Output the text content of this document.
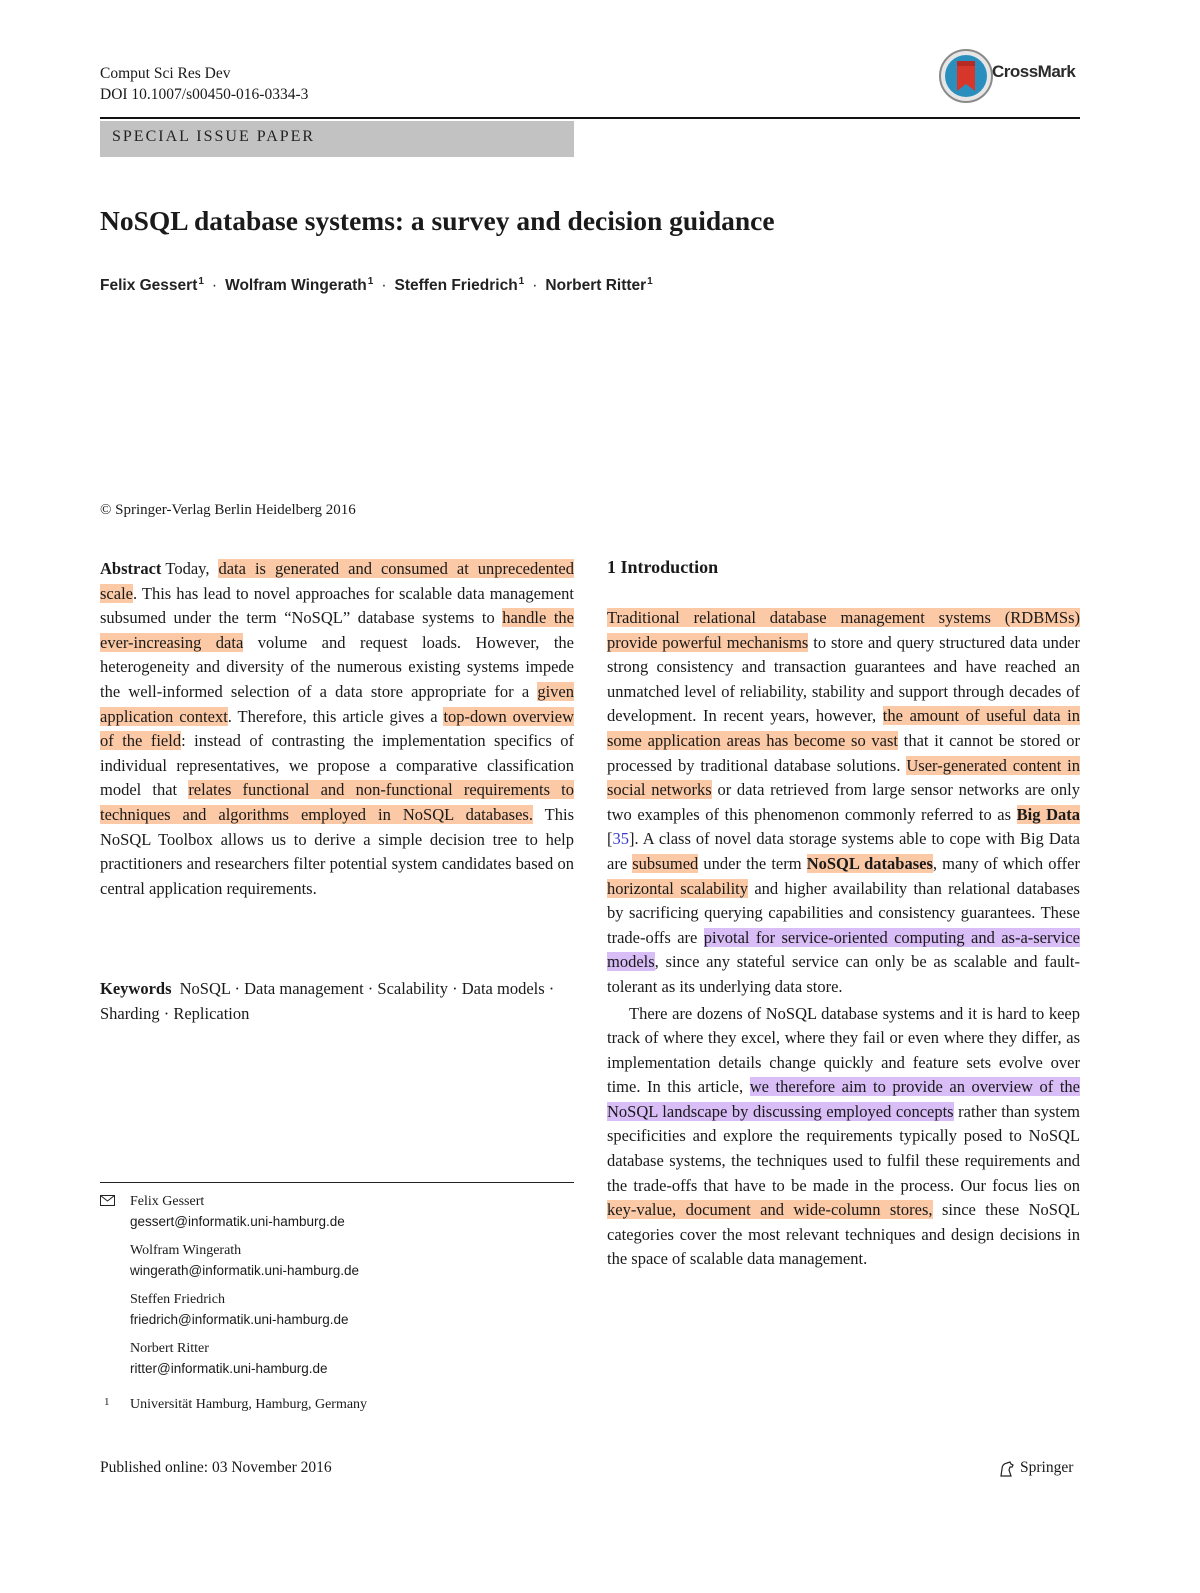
Comput Sci Res Dev
DOI 10.1007/s00450-016-0334-3
CrossMark
SPECIAL ISSUE PAPER
NoSQL database systems: a survey and decision guidance
Felix Gessert$^1$ · Wolfram Wingerath$^1$ · Steffen Friedrich$^1$ · Norbert Ritter$^1$
© Springer-Verlag Berlin Heidelberg 2016

Abstract Today, data is generated and consumed at unprecedented scale. This has lead to novel approaches for scalable data management subsumed under the term “NoSQL” database systems to handle the ever-increasing data volume and request loads. However, the heterogeneity and diversity of the numerous existing systems impede the well-informed selection of a data store appropriate for a given application context. Therefore, this article gives a top-down overview of the field: instead of contrasting the implementation specifics of individual representatives, we propose a comparative classification model that relates functional and non-functional requirements to techniques and algorithms employed in NoSQL databases. This NoSQL Toolbox allows us to derive a simple decision tree to help practitioners and researchers filter potential system candidates based on central application requirements.

Keywords NoSQL · Data management · Scalability · Data models · Sharding · Replication
1 Introduction

Traditional relational database management systems (RDBMSs) provide powerful mechanisms to store and query structured data under strong consistency and transaction guarantees and have reached an unmatched level of reliability, stability and support through decades of development. In recent years, however, the amount of useful data in some application areas has become so vast that it cannot be stored or processed by traditional database solutions. User-generated content in social networks or data retrieved from large sensor networks are only two examples of this phenomenon commonly referred to as Big Data [35]. A class of novel data storage systems able to cope with Big Data are subsumed under the term NoSQL databases, many of which offer horizontal scalability and higher availability than relational databases by sacrificing querying capabilities and consistency guarantees. These trade-offs are pivotal for service-oriented computing and as-a-service models, since any stateful service can only be as scalable and fault-tolerant as its underlying data store.

There are dozens of NoSQL database systems and it is hard to keep track of where they excel, where they fail or even where they differ, as implementation details change quickly and feature sets evolve over time. In this article, we therefore aim to provide an overview of the NoSQL landscape by discussing employed concepts rather than system specificities and explore the requirements typically posed to NoSQL database systems, the techniques used to fulfil these requirements and the trade-offs that have to be made in the process. Our focus lies on key-value, document and wide-column stores, since these NoSQL categories cover the most relevant techniques and design decisions in the space of scalable data management.

Felix Gessert
gessert@informatik.uni-hamburg.de
Wolfram Wingerath
wingerath@informatik.uni-hamburg.de
Steffen Friedrich
friedrich@informatik.uni-hamburg.de
Norbert Ritter
ritter@informatik.uni-hamburg.de
1 Universität Hamburg, Hamburg, Germany
Published online: 03 November 2016	Springer
